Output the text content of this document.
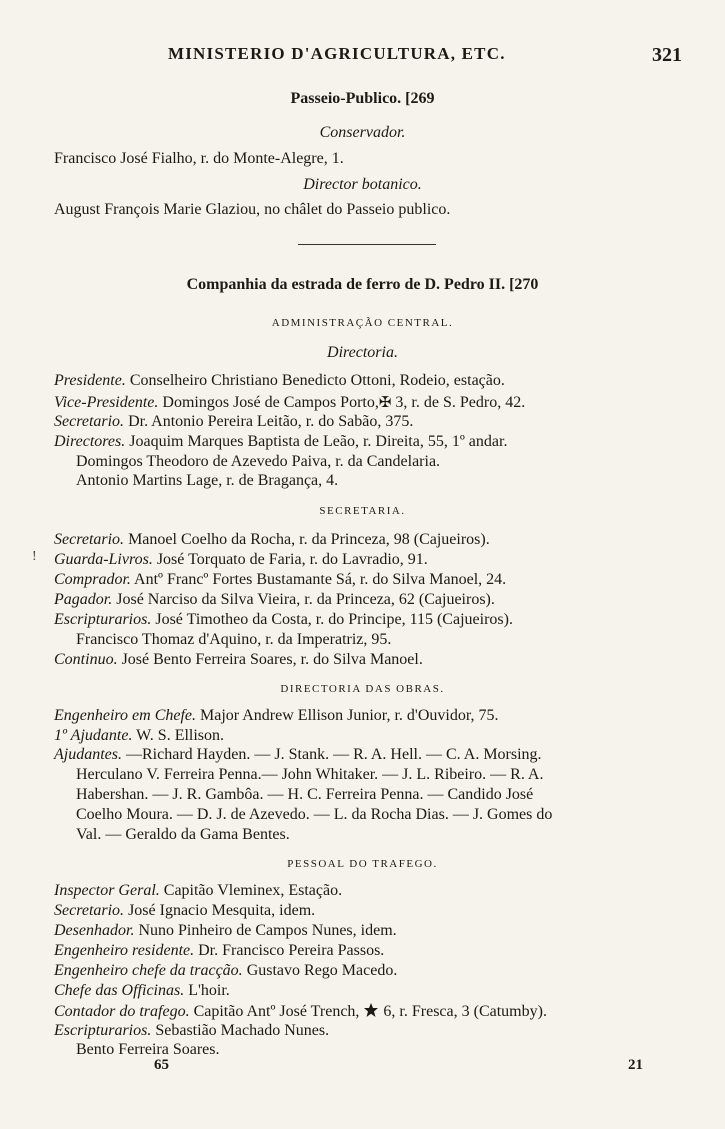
MINISTERIO D'AGRICULTURA, ETC.	321
Passeio-Publico. [269
Conservador.
Francisco José Fialho, r. do Monte-Alegre, 1.
Director botanico.
August François Marie Glaziou, no châlet do Passeio publico.
Companhia da estrada de ferro de D. Pedro II. [270
ADMINISTRAÇÃO CENTRAL.
Directoria.
Presidente. Conselheiro Christiano Benedicto Ottoni, Rodeio, estação.
Vice-Presidente. Domingos José de Campos Porto,✠ 3, r. de S. Pedro, 42.
Secretario. Dr. Antonio Pereira Leitão, r. do Sabão, 375.
Directores. Joaquim Marques Baptista de Leão, r. Direita, 55, 1º andar.
Domingos Theodoro de Azevedo Paiva, r. da Candelaria.
Antonio Martins Lage, r. de Bragança, 4.
SECRETARIA.
Secretario. Manoel Coelho da Rocha, r. da Princeza, 98 (Cajueiros).
! Guarda-Livros. José Torquato de Faria, r. do Lavradio, 91.
Comprador. Antº Francº Fortes Bustamante Sá, r. do Silva Manoel, 24.
Pagador. José Narciso da Silva Vieira, r. da Princeza, 62 (Cajueiros).
Escripturarios. José Timotheo da Costa, r. do Principe, 115 (Cajueiros).
Francisco Thomaz d'Aquino, r. da Imperatriz, 95.
Continuo. José Bento Ferreira Soares, r. do Silva Manoel.
DIRECTORIA DAS OBRAS.
Engenheiro em Chefe. Major Andrew Ellison Junior, r. d'Ouvidor, 75.
1º Ajudante. W. S. Ellison.
Ajudantes. —Richard Hayden. — J. Stank. — R. A. Hell. — C. A. Morsing.
Herculano V. Ferreira Penna.— John Whitaker. — J. L. Ribeiro. — R. A.
Habershan. — J. R. Gambôa. — H. C. Ferreira Penna. — Candido José
Coelho Moura. — D. J. de Azevedo. — L. da Rocha Dias. — J. Gomes do
Val. — Geraldo da Gama Bentes.
PESSOAL DO TRAFEGO.
Inspector Geral. Capitão Vleminex, Estação.
Secretario. José Ignacio Mesquita, idem.
Desenhador. Nuno Pinheiro de Campos Nunes, idem.
Engenheiro residente. Dr. Francisco Pereira Passos.
Engenheiro chefe da tracção. Gustavo Rego Macedo.
Chefe das Officinas. L'hoir.
Contador do trafego. Capitão Antº José Trench, 6, r. Fresca, 3 (Catumby).
Escripturarios. Sebastião Machado Nunes.
Bento Ferreira Soares.
65	21
